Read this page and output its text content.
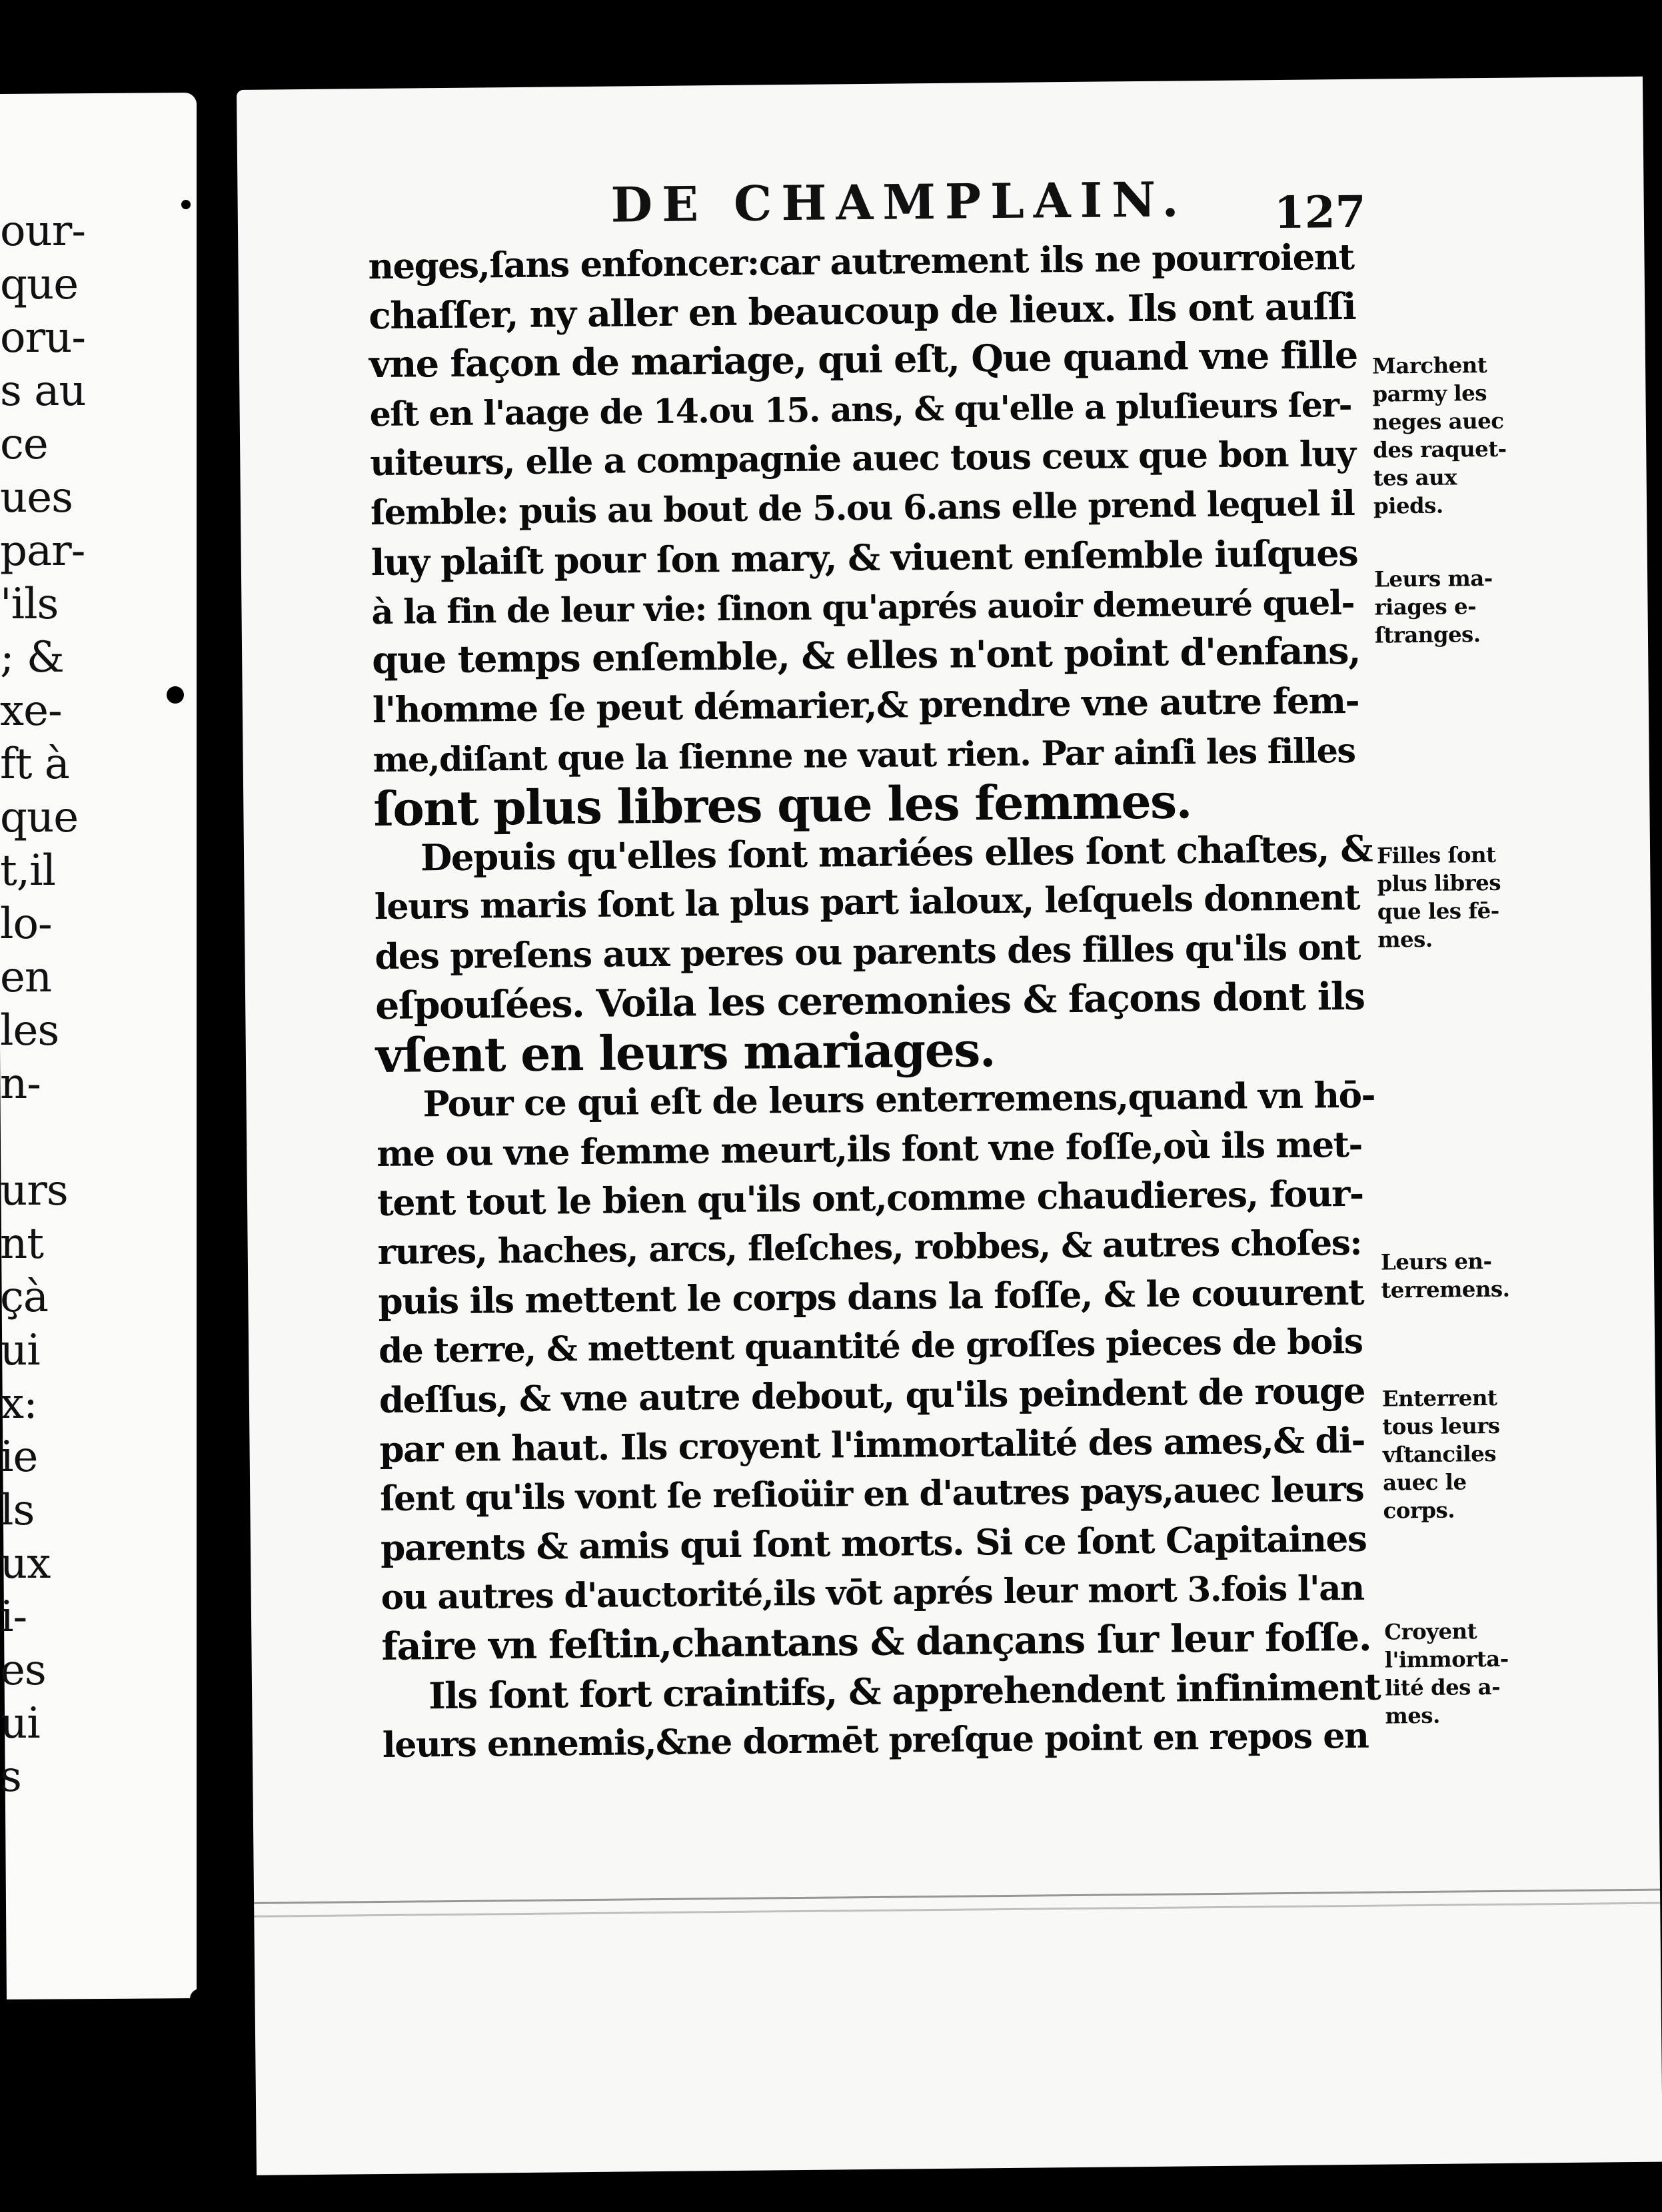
our-
que
oru-
s au
ce
ues
par-
'ils
; &
xe-
ft à
que
t,il
lo-
en
les
n-
urs
nt
çà
ui
x:
ie
ls
ux
i-
es
ui
s
DE CHAMPLAIN. 127
neges,ſans enfoncer:car autrement ils ne pourroient
chaſſer, ny aller en beaucoup de lieux. Ils ont auſſi
vne façon de mariage, qui eſt, Que quand vne fille
eſt en l'aage de 14.ou 15. ans, & qu'elle a pluſieurs ſer-
uiteurs, elle a compagnie auec tous ceux que bon luy
ſemble: puis au bout de 5.ou 6.ans elle prend lequel il
luy plaiſt pour ſon mary, & viuent enſemble iuſques
à la fin de leur vie: ſinon qu'aprés auoir demeuré quel-
que temps enſemble, & elles n'ont point d'enfans,
l'homme ſe peut démarier,& prendre vne autre fem-
me,diſant que la ſienne ne vaut rien. Par ainſi les filles
ſont plus libres que les femmes.
Depuis qu'elles ſont mariées elles ſont chaſtes, &
leurs maris ſont la plus part ialoux, leſquels donnent
des preſens aux peres ou parents des filles qu'ils ont
eſpouſées. Voila les ceremonies & façons dont ils
vſent en leurs mariages.
Pour ce qui eſt de leurs enterremens,quand vn hō-
me ou vne femme meurt,ils font vne foſſe,où ils met-
tent tout le bien qu'ils ont,comme chaudieres, four-
rures, haches, arcs, fleſches, robbes, & autres choſes:
puis ils mettent le corps dans la foſſe, & le couurent
de terre, & mettent quantité de groſſes pieces de bois
deſſus, & vne autre debout, qu'ils peindent de rouge
par en haut. Ils croyent l'immortalité des ames,& di-
ſent qu'ils vont ſe reſioüir en d'autres pays,auec leurs
parents & amis qui ſont morts. Si ce ſont Capitaines
ou autres d'auctorité,ils vōt aprés leur mort 3.fois l'an
faire vn feſtin,chantans & dançans ſur leur foſſe.
Ils ſont fort craintifs, & apprehendent infiniment
leurs ennemis,&ne dormēt preſque point en repos en
Marchent
parmy les
neges auec
des raquet-
tes aux
pieds.
Leurs ma-
riages e-
ſtranges.
Filles ſont
plus libres
que les fē-
mes.
Leurs en-
terremens.
Enterrent
tous leurs
vſtanciles
auec le
corps.
Croyent
l'immorta-
lité des a-
mes.
